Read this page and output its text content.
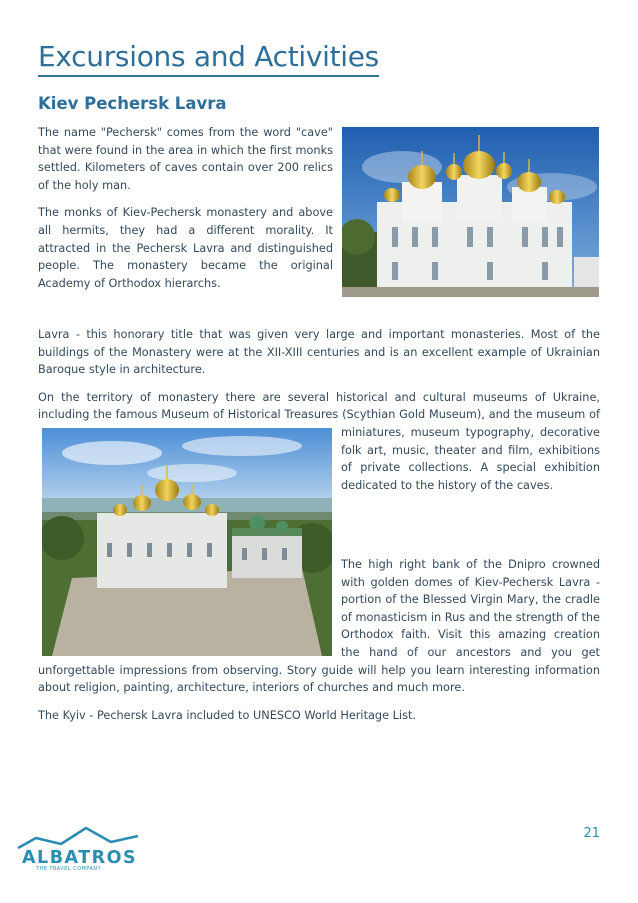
Excursions and Activities
Kiev Pechersk Lavra

The name "Pechersk" comes from the word "cave" that were found in the area in which the first monks settled. Kilometers of caves contain over 200 relics of the holy man.

The monks of Kiev-Pechersk monastery and above all hermits, they had a different morality. It attracted in the Pechersk Lavra and distinguished people. The monastery became the original Academy of Orthodox hierarchs.

Lavra - this honorary title that was given very large and important monasteries. Most of the buildings of the Monastery were at the XII-XIII centuries and is an excellent example of Ukrainian Baroque style in architecture.

On the territory of monastery there are several historical and cultural museums of Ukraine, including the famous Museum of Historical Treasures (Scythian Gold Museum), and the museum of miniatures, museum typography, decorative folk art, music, theater and film, exhibitions of private collections. A special exhibition dedicated to the history of the caves.

The high right bank of the Dnipro crowned with golden domes of Kiev-Pechersk Lavra - portion of the Blessed Virgin Mary, the cradle of monasticism in Rus and the strength of the Orthodox faith. Visit this amazing creation the hand of our ancestors and you get unforgettable impressions from observing. Story guide will help you learn interesting information about religion, painting, architecture, interiors of churches and much more.

The Kyiv - Pechersk Lavra included to UNESCO World Heritage List.

21
ALBATROS
THE TRAVEL COMPANY
